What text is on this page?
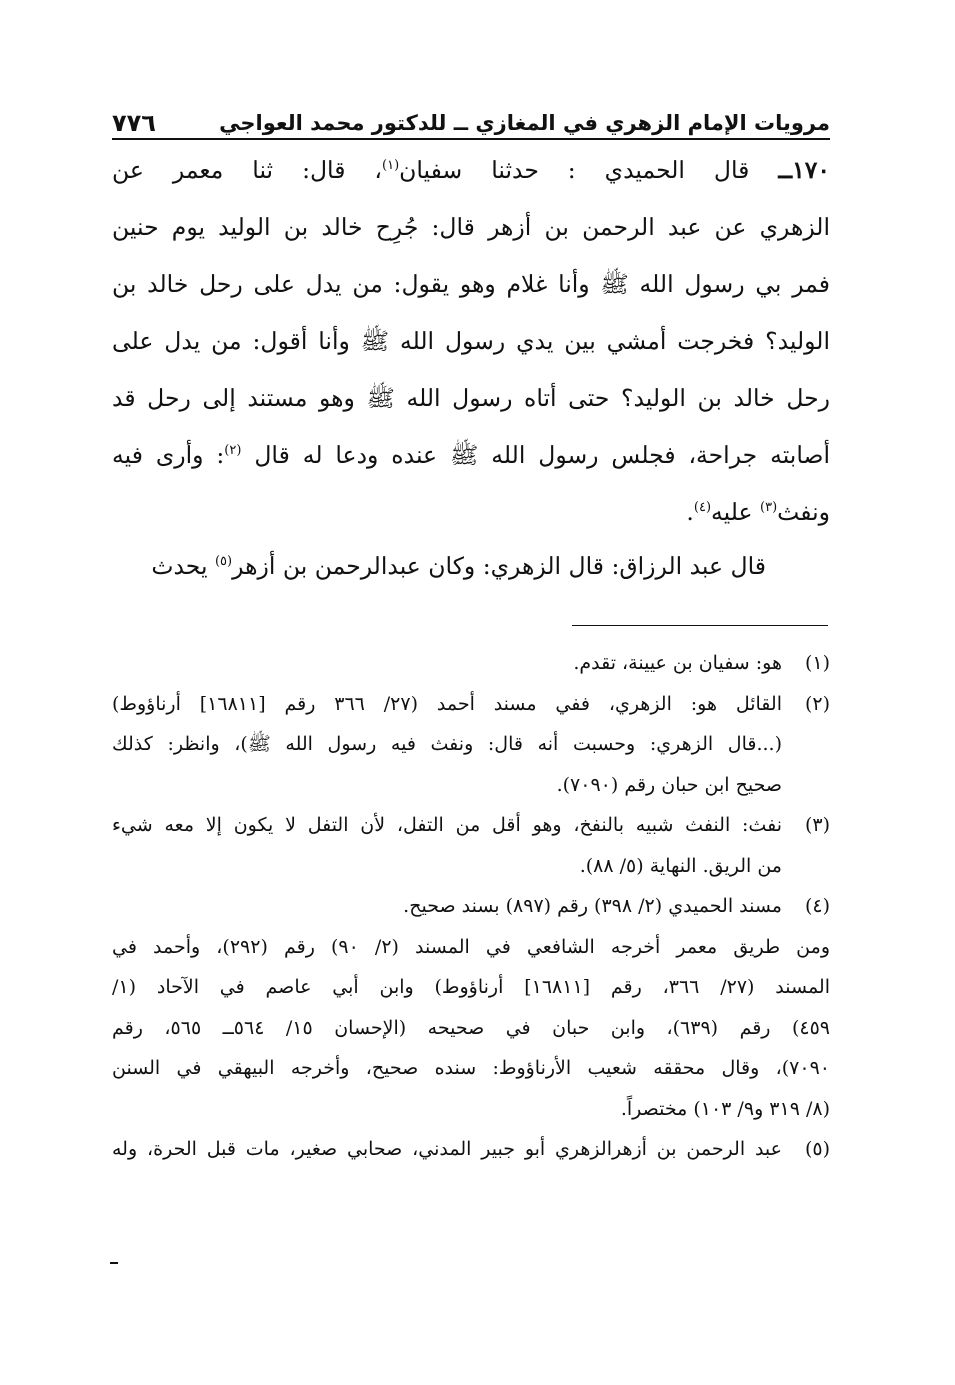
مرويات الإمام الزهري في المغازي ــ للدكتور محمد العواجي
٧٧٦
١٧٠ــ قال الحميدي : حدثنا سفيان$^{(١)}$، قال: ثنا معمر عن
الزهري عن عبد الرحمن بن أزهر قال: جُرِح خالد بن الوليد يوم حنين
فمر بي رسول الله ﷺ وأنا غلام وهو يقول: من يدل على رحل خالد بن
الوليد؟ فخرجت أمشي بين يدي رسول الله ﷺ وأنا أقول: من يدل على
رحل خالد بن الوليد؟ حتى أتاه رسول الله ﷺ وهو مستند إلى رحل قد
أصابته جراحة، فجلس رسول الله ﷺ عنده ودعا له قال $^{(٢)}$: وأرى فيه
ونفث$^{(٣)}$ عليه$^{(٤)}$.
قال عبد الرزاق: قال الزهري: وكان عبدالرحمن بن أزهر$^{(٥)}$ يحدث
(١)هو: سفيان بن عيينة، تقدم.
(٢)القائل هو: الزهري، ففي مسند أحمد (٢٧/ ٣٦٦ رقم [١٦٨١١] أرناؤوط)
(...قال الزهري: وحسبت أنه قال: ونفث فيه رسول الله ﷺ)، وانظر: كذلك
صحيح ابن حبان رقم (٧٠٩٠).
(٣)نفث: النفث شبيه بالنفخ، وهو أقل من التفل، لأن التفل لا يكون إلا معه شيء
من الريق. النهاية (٥/ ٨٨).
(٤)مسند الحميدي (٢/ ٣٩٨) رقم (٨٩٧) بسند صحيح.
ومن طريق معمر أخرجه الشافعي في المسند (٢/ ٩٠) رقم (٢٩٢)، وأحمد في
المسند (٢٧/ ٣٦٦، رقم [١٦٨١١] أرناؤوط) وابن أبي عاصم في الآحاد (١/
٤٥٩) رقم (٦٣٩)، وابن حبان في صحيحه (الإحسان ١٥/ ٥٦٤ــ ٥٦٥، رقم
٧٠٩٠)، وقال محققه شعيب الأرناؤوط: سنده صحيح، وأخرجه البيهقي في السنن
(٨/ ٣١٩ و٩/ ١٠٣) مختصراً.
(٥)عبد الرحمن بن أزهرالزهري أبو جبير المدني، صحابي صغير، مات قبل الحرة، وله
